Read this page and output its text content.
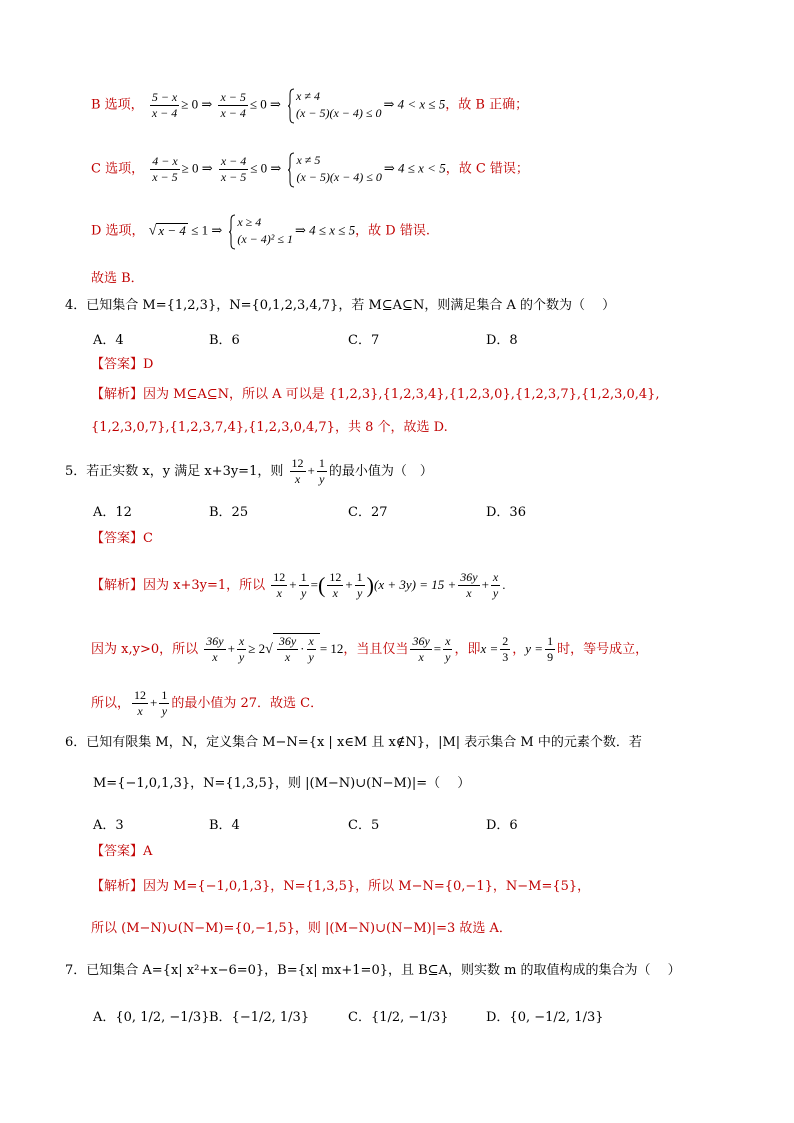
B 选项， $\frac{5 - x}{x - 4} \ge 0$ ⇒ $\frac{x - 5}{x - 4} \le 0$ ⇒
x ≠ 4
(x − 5)(x − 4) ≤ 0
⇒ 4 < x ≤ 5，故 B 正确；
C 选项， $\frac{4 - x}{x - 5} \ge 0$ ⇒ $\frac{x - 4}{x - 5} \le 0$ ⇒
x ≠ 5
(x − 5)(x − 4) ≤ 0
⇒ 4 ≤ x < 5，故 C 错误；
D 选项， √ x − 4 ≤ 1 ⇒
x ≥ 4
(x − 4)² ≤ 1
⇒ 4 ≤ x ≤ 5，故 D 错误.
故选 B．
4．已知集合 M={1,2,3}，N={0,1,2,3,4,7}，若 M⊆A⊆N，则满足集合 A 的个数为（　 ）
A．4	B．6	C．7	D．8
【答案】D
【解析】因为 M⊆A⊆N，所以 A 可以是 {1,2,3},{1,2,3,4},{1,2,3,0},{1,2,3,7},{1,2,3,0,4},
{1,2,3,0,7},{1,2,3,7,4},{1,2,3,0,4,7}，共 8 个，故选 D.
5．若正实数 x，y 满足 x+3y=1，则 $\frac{12}{x} + \frac{1}{y}$ 的最小值为（　）
A．12	B．25	C．27	D．36
【答案】C
【解析】因为 x+3y=1，所以 $\frac{12}{x} + \frac{1}{y}$ =( $\frac{12}{x} + \frac{1}{y} )(x + 3y) = 15 + \frac{36y}{x} + \frac{x}{y}$ .
因为 x,y>0，所以 $\frac{36y}{x} + \frac{x}{y} \ge 2√ \frac{36y}{x} \cdot \frac{x}{y} = 12$，当且仅当 $\frac{36y}{x} = \frac{x}{y}$ ，即$x = \frac{2}{3}$ ，$y = \frac{1}{9}$ 时，等号成立，
所以， $\frac{12}{x} + \frac{1}{y}$ 的最小值为 27．故选 C．
6．已知有限集 M，N，定义集合 M−N={x | x∈M 且 x∉N}，|M| 表示集合 M 中的元素个数．若
M={−1,0,1,3}，N={1,3,5}，则 |(M−N)∪(N−M)|=（　 ）
A．3	B．4	C．5	D．6
【答案】A
【解析】因为 M={−1,0,1,3}，N={1,3,5}，所以 M−N={0,−1}，N−M={5}，
所以 (M−N)∪(N−M)={0,−1,5}，则 |(M−N)∪(N−M)|=3 故选 A．
7．已知集合 A={x| x²+x−6=0}，B={x| mx+1=0}，且 B⊆A，则实数 m 的取值构成的集合为（　 ）
A．{0, 1/2, −1/3} B．{−1/2, 1/3}	C．{1/2, −1/3}	D．{0, −1/2, 1/3}
